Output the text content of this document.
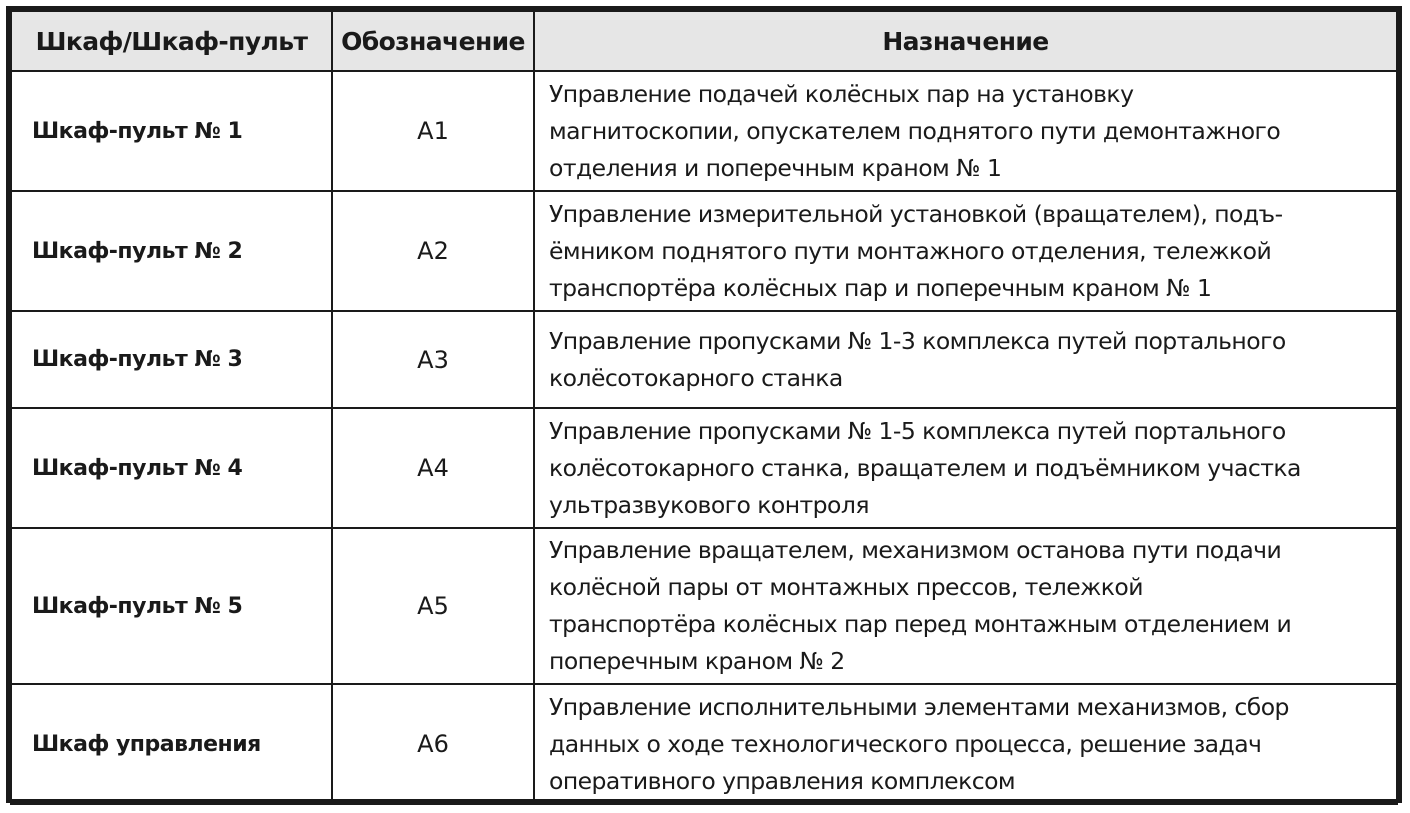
Шкаф/Шкаф-пульт	Обозначение	Назначение
Шкаф-пульт № 1	А1	Управление подачей колёсных пар на установку
магнитоскопии, опускателем поднятого пути демонтажного
отделения и поперечным краном № 1

Шкаф-пульт № 2	А2	Управление измерительной установкой (вращателем), подъ-
ёмником поднятого пути монтажного отделения, тележкой
транспортёра колёсных пар и поперечным краном № 1

Шкаф-пульт № 3	А3	Управление пропусками № 1-3 комплекса путей портального
колёсотокарного станка

Шкаф-пульт № 4	А4	Управление пропусками № 1-5 комплекса путей портального
колёсотокарного станка, вращателем и подъёмником участка
ультразвукового контроля

Шкаф-пульт № 5	А5	Управление вращателем, механизмом останова пути подачи
колёсной пары от монтажных прессов, тележкой
транспортёра колёсных пар перед монтажным отделением и
поперечным краном № 2

Шкаф управления	А6	Управление исполнительными элементами механизмов, сбор
данных о ходе технологического процесса, решение задач
оперативного управления комплексом
